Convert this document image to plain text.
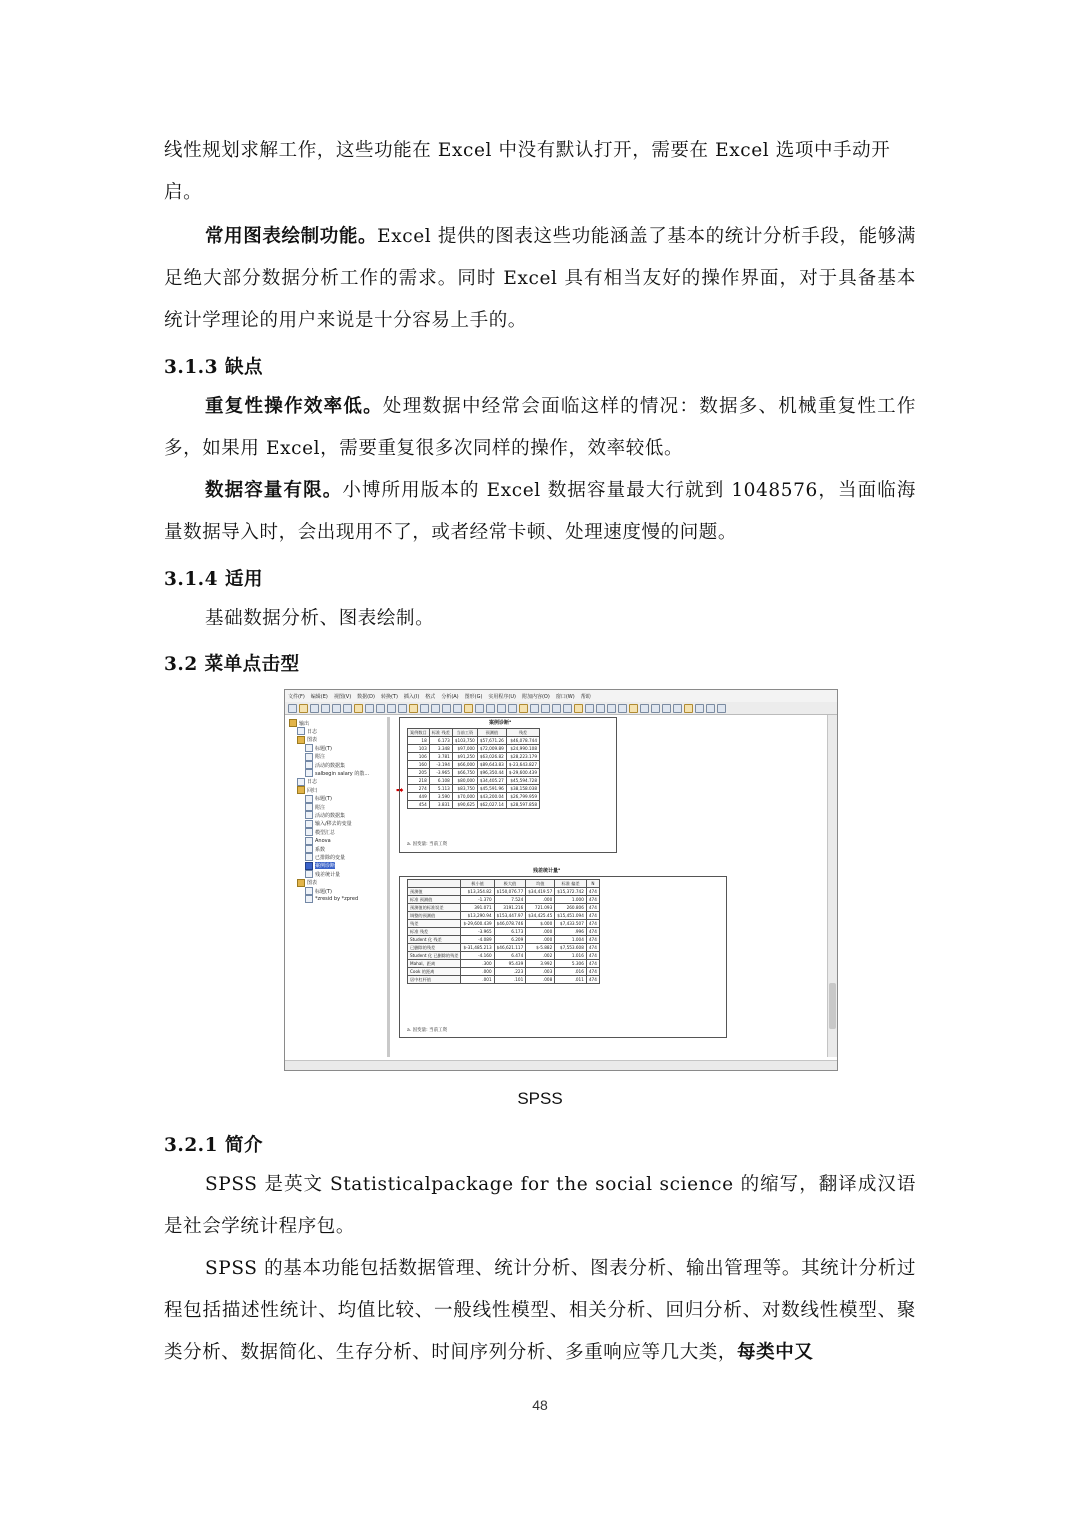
线性规划求解工作，这些功能在 Excel 中没有默认打开，需要在 Excel 选项中手动开

启。

常用图表绘制功能。Excel 提供的图表这些功能涵盖了基本的统计分析手段，能够满足绝大部分数据分析工作的需求。同时 Excel 具有相当友好的操作界面，对于具备基本统计学理论的用户来说是十分容易上手的。

3.1.3 缺点

重复性操作效率低。处理数据中经常会面临这样的情况：数据多、机械重复性工作多，如果用 Excel，需要重复很多次同样的操作，效率较低。

数据容量有限。小博所用版本的 Excel 数据容量最大行就到 1048576，当面临海量数据导入时，会出现用不了，或者经常卡顿、处理速度慢的问题。

3.1.4 适用

基础数据分析、图表绘制。

3.2 菜单点击型

文件(F) 编辑(E) 视图(V) 数据(D) 转换(T) 插入(I) 格式 分析(A) 图形(G) 实用程序(U) 附加内容(O) 窗口(W) 帮助
输出
日志
图表
标题(T)
附注
活动的数据集
salbegin salary 的散...
日志
回归
标题(T)
附注
活动的数据集
输入/移去的变量
模型汇总
Anova
系数
已排除的变量
案例诊断
残差统计量
图表
标题(T)
*zresid by *zpred
➡
案例诊断ᵃ
案例数目	标准 残差	当前工资	预测值	残差
18	6.173	$103,750	$57,671.26	$46,078.744
103	3.348	$97,000	$72,009.89	$24,990.108
106	3.781	$91,250	$63,026.82	$28,223.179
160	-3.194	$66,000	$89,643.83	$-23,643.827
205	-3.965	$66,750	$96,350.44	$-29,600.439
218	6.108	$80,000	$34,405.27	$45,594.728
274	5.113	$83,750	$45,591.96	$38,158.038
449	3.590	$70,000	$43,200.04	$26,799.959
454	3.831	$90,625	$62,027.14	$28,597.858
a. 因变量: 当前工资
残差统计量ᵃ
	极小值	极大值	均值	标准 偏差	N
预测值	$13,354.82	$150,076.77	$34,419.57	$15,372.742	474
标准 预测值	-1.370	7.524	.000	1.000	474
预测值的标准误差	391.071	3191.216	721.093	260.806	474
调整的预测值	$13,290.94	$153,447.97	$34,425.45	$15,451.094	474
残差	$-29,600.439	$46,078.746	$.000	$7,433.507	474
标准 残差	-3.965	6.173	.000	.996	474
Student 化 残差	-4.089	6.209	.000	1.004	474
已删除的残差	$-31,485.213	$46,621.117	$-5.882	$7,553.608	474
Student 化 已删除的残差	-4.160	6.474	.002	1.016	474
Mahal。距离	.300	95.439	3.992	5.306	474
Cook 的距离	.000	.223	.003	.016	474
居中杠杆值	.001	.101	.008	.011	474
a. 因变量: 当前工资
SPSS

3.2.1 简介

SPSS 是英文 Statisticalpackage for the social science 的缩写，翻译成汉语是社会学统计程序包。

SPSS 的基本功能包括数据管理、统计分析、图表分析、输出管理等。其统计分析过程包括描述性统计、均值比较、一般线性模型、相关分析、回归分析、对数线性模型、聚类分析、数据简化、生存分析、时间序列分析、多重响应等几大类，每类中又

48
